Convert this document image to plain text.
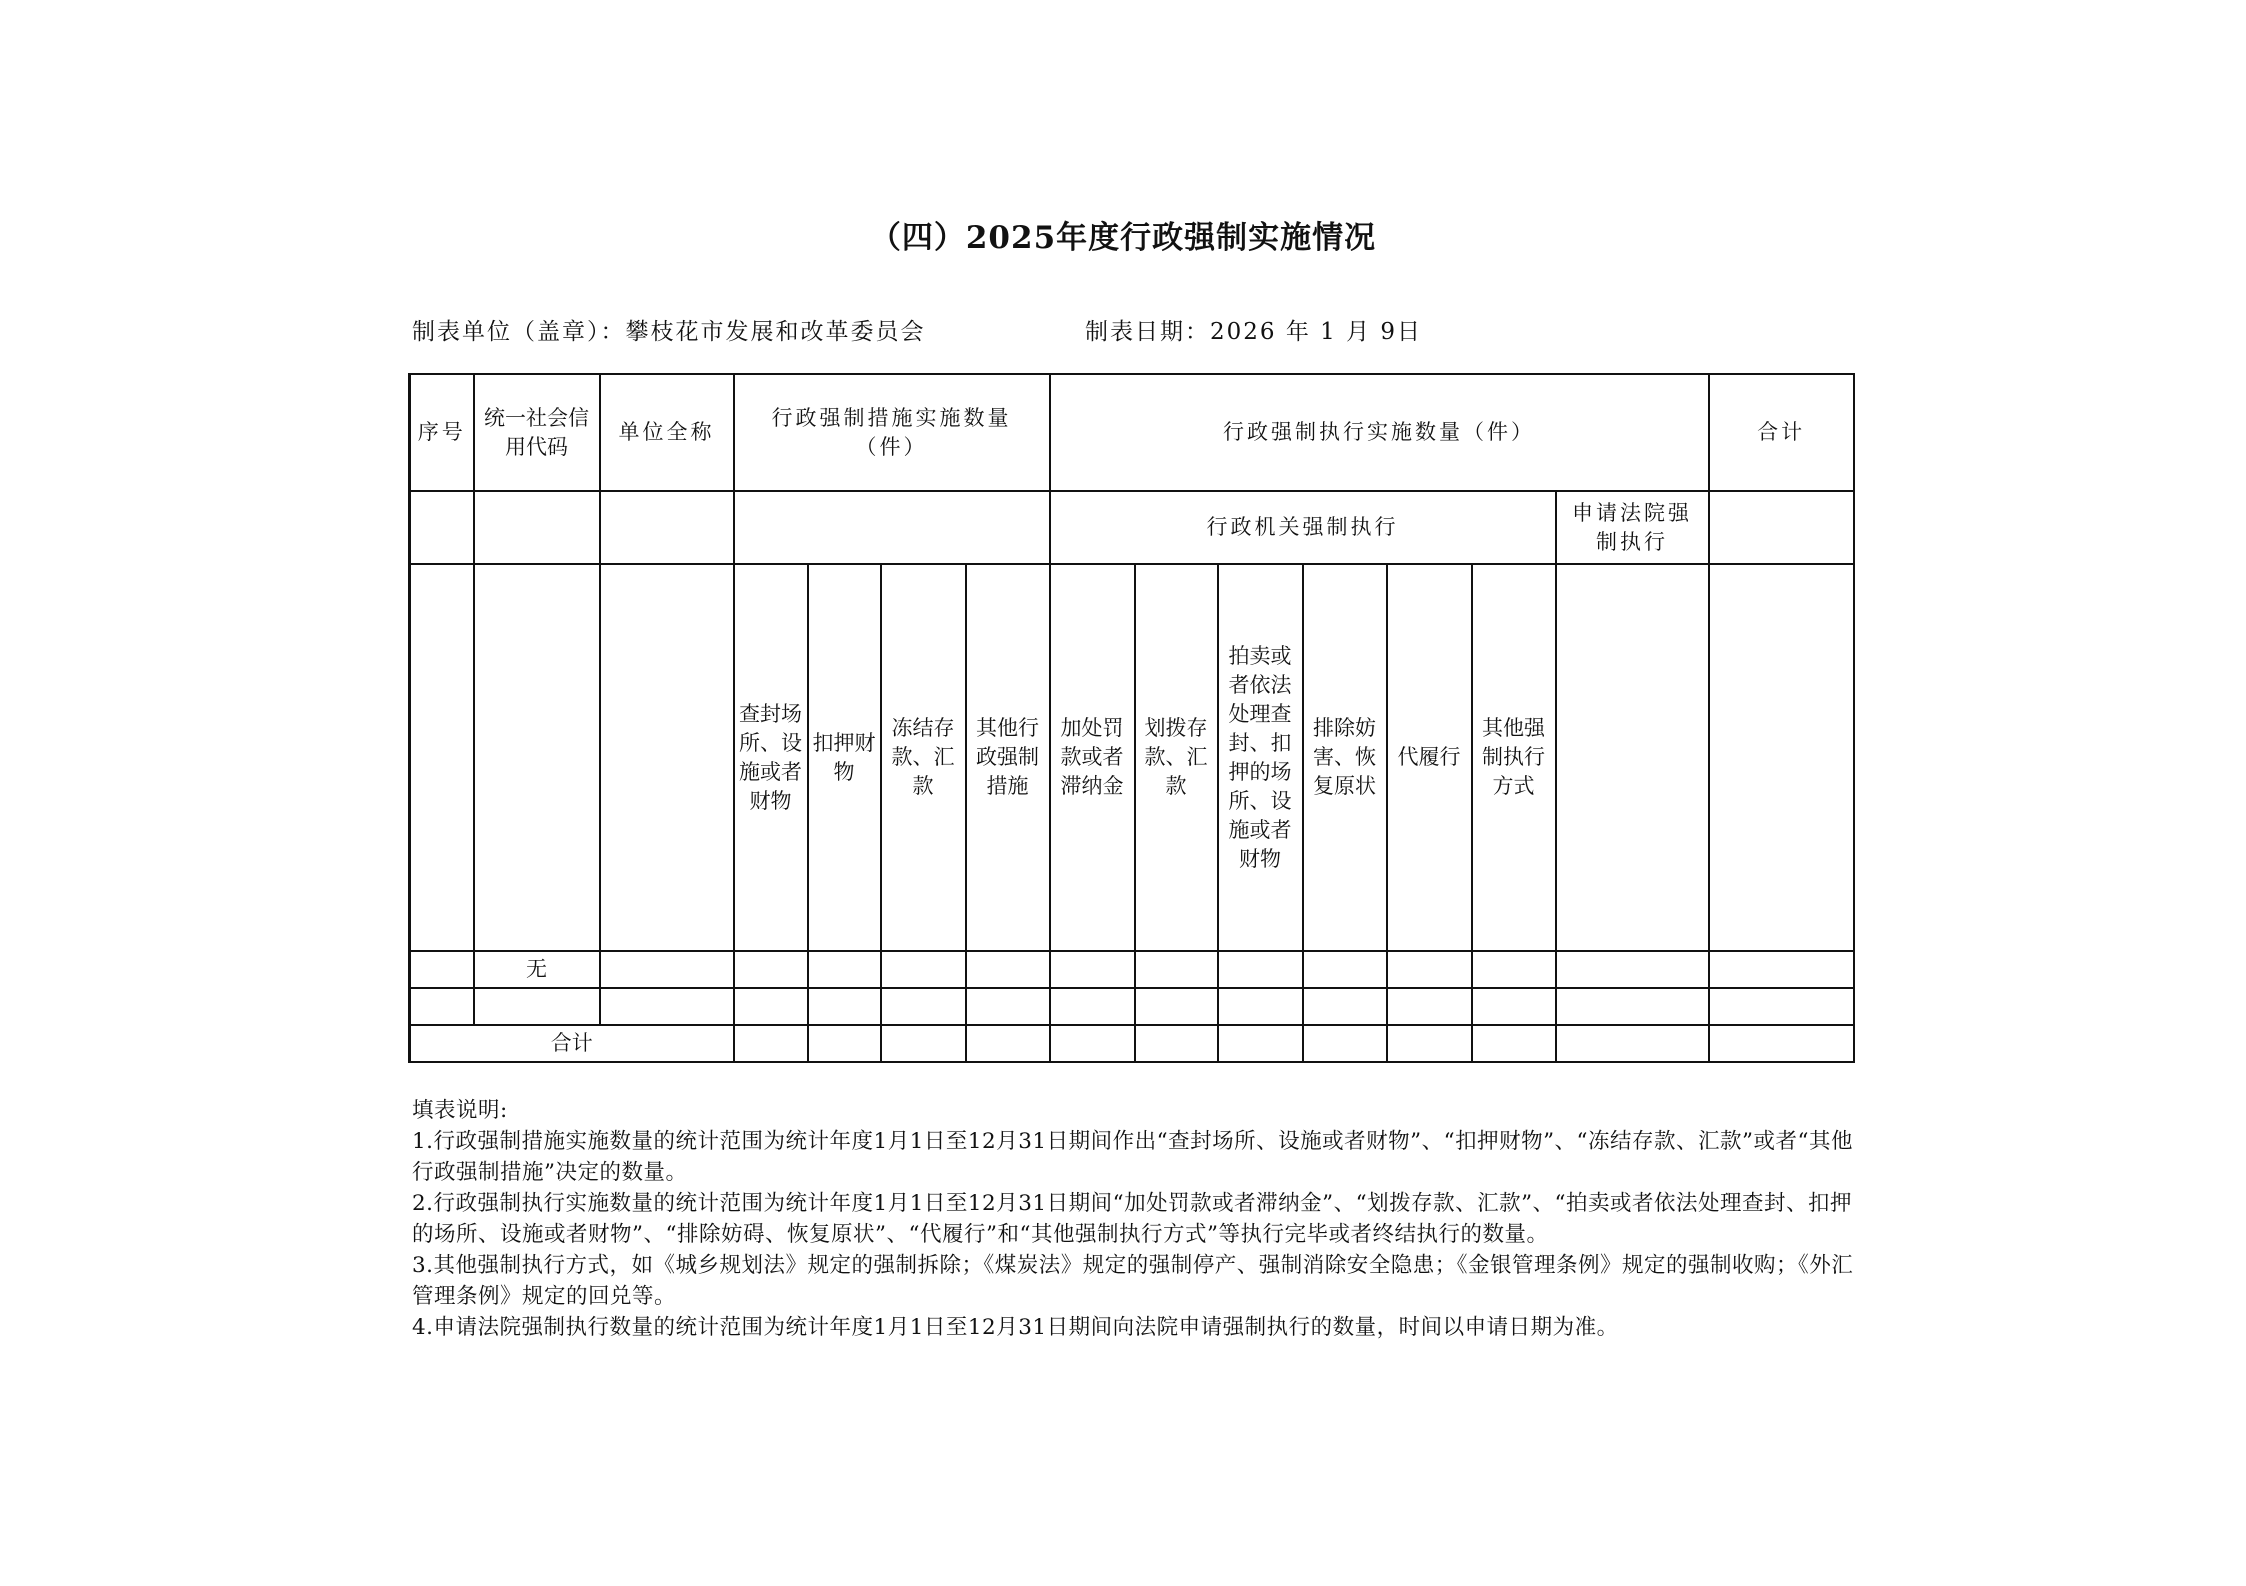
（四）2025年度行政强制实施情况
制表单位（盖章）：攀枝花市发展和改革委员会	制表日期：2026 年 1 月 9日
序号	统一社会信用代码	单位全称	行政强制措施实施数量（件）				行政强制执行实施数量（件）							合计
							行政机关强制执行						申请法院强制执行	
			查封场所、设施或者财物	扣押财物	冻结存款、汇款	其他行政强制措施	加处罚款或者滞纳金	划拨存款、汇款	拍卖或者依法处理查封、扣押的场所、设施或者财物	排除妨害、恢复原状	代履行	其他强制执行方式		
	无													

合计														
填表说明:
1.行政强制措施实施数量的统计范围为统计年度1月1日至12月31日期间作出“查封场所、设施或者财物”、“扣押财物”、“冻结存款、汇款”或者“其他行政强制措施”决定的数量。
2.行政强制执行实施数量的统计范围为统计年度1月1日至12月31日期间“加处罚款或者滞纳金”、“划拨存款、汇款”、“拍卖或者依法处理查封、扣押的场所、设施或者财物”、“排除妨碍、恢复原状”、“代履行”和“其他强制执行方式”等执行完毕或者终结执行的数量。
3.其他强制执行方式，如《城乡规划法》规定的强制拆除；《煤炭法》规定的强制停产、强制消除安全隐患；《金银管理条例》规定的强制收购；《外汇管理条例》规定的回兑等。
4.申请法院强制执行数量的统计范围为统计年度1月1日至12月31日期间向法院申请强制执行的数量，时间以申请日期为准。
